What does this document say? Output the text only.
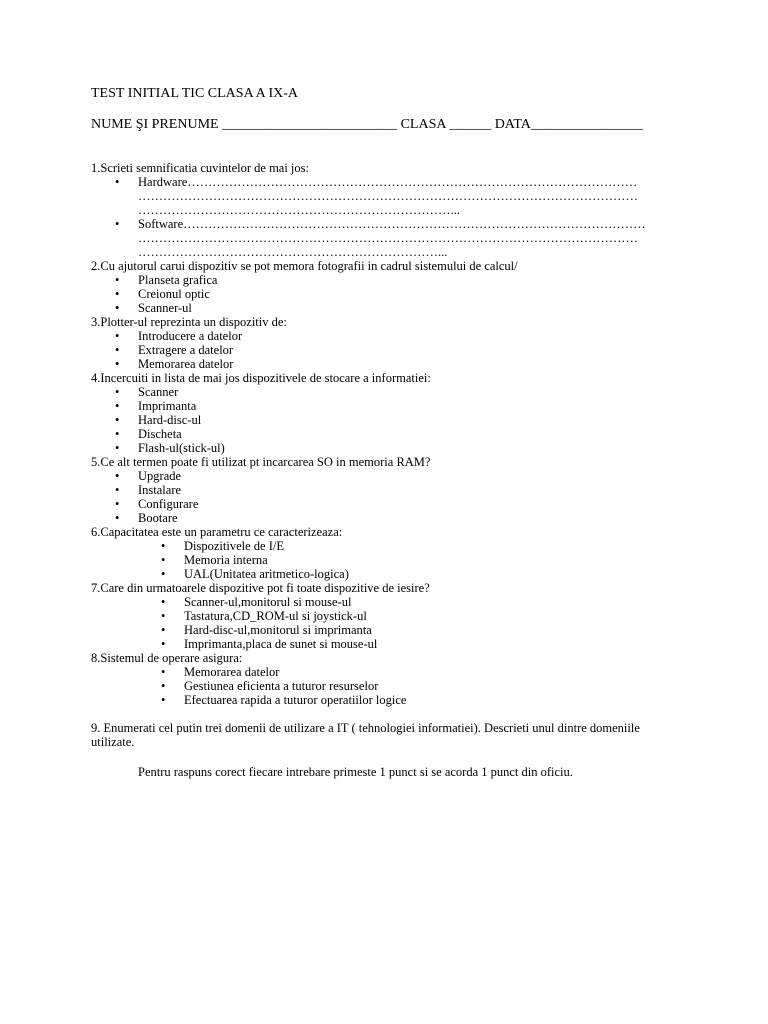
TEST INITIAL TIC CLASA A IX-A
NUME ŞI PRENUME _________________________ CLASA ______ DATA________________
1.Scrieti semnificatia cuvintelor de mai jos:
• Hardware………………………………………………………………………………………………
…………………………………………………………………………………………………………
…………………………………………………………………...
• Software…………………………………………………………………………………………………
…………………………………………………………………………………………………………
………………………………………………………………...
2.Cu ajutorul carui dispozitiv se pot memora fotografii in cadrul sistemului de calcul/
• Planseta grafica
• Creionul optic
• Scanner-ul
3.Plotter-ul reprezinta un dispozitiv de:
• Introducere a datelor
• Extragere a datelor
• Memorarea datelor
4.Incercuiti in lista de mai jos dispozitivele de stocare a informatiei:
• Scanner
• Imprimanta
• Hard-disc-ul
• Discheta
• Flash-ul(stick-ul)
5.Ce alt termen poate fi utilizat pt incarcarea SO in memoria RAM?
• Upgrade
• Instalare
• Configurare
• Bootare
6.Capacitatea este un parametru ce caracterizeaza:
• Dispozitivele de I/E
• Memoria interna
• UAL(Unitatea aritmetico-logica)
7.Care din urmatoarele dispozitive pot fi toate dispozitive de iesire?
• Scanner-ul,monitorul si mouse-ul
• Tastatura,CD_ROM-ul si joystick-ul
• Hard-disc-ul,monitorul si imprimanta
• Imprimanta,placa de sunet si mouse-ul
8.Sistemul de operare asigura:
• Memorarea datelor
• Gestiunea eficienta a tuturor resurselor
• Efectuarea rapida a tuturor operatiilor logice
9. Enumerati cel putin trei domenii de utilizare a IT ( tehnologiei informatiei). Descrieti unul dintre domeniile utilizate.
Pentru raspuns corect fiecare intrebare primeste 1 punct si se acorda 1 punct din oficiu.
